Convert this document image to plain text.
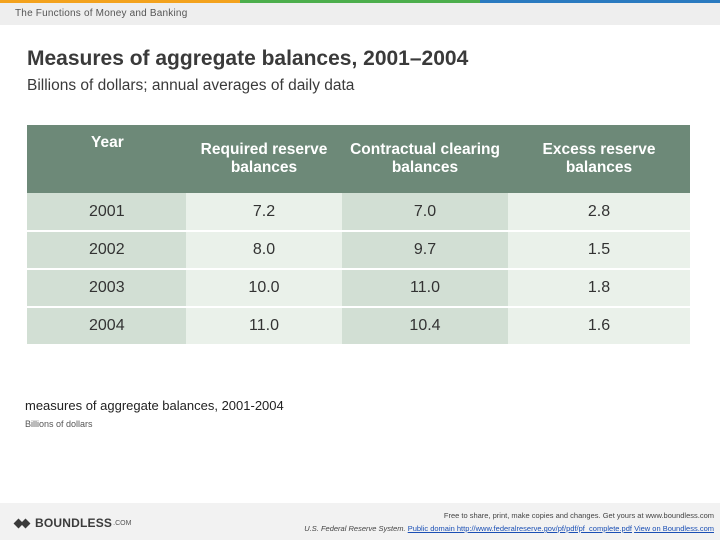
The Functions of Money and Banking
Measures of aggregate balances, 2001–2004
Billions of dollars; annual averages of daily data
Year	Required reserve balances	Contractual clearing balances	Excess reserve balances
2001	7.2	7.0	2.8
2002	8.0	9.7	1.5
2003	10.0	11.0	1.8
2004	11.0	10.4	1.6
measures of aggregate balances, 2001-2004
Billions of dollars
BOUNDLESS .COM
Free to share, print, make copies and changes. Get yours at www.boundless.com
U.S. Federal Reserve System. Public domain http://www.federalreserve.gov/pf/pdf/pf_complete.pdf View on Boundless.com
